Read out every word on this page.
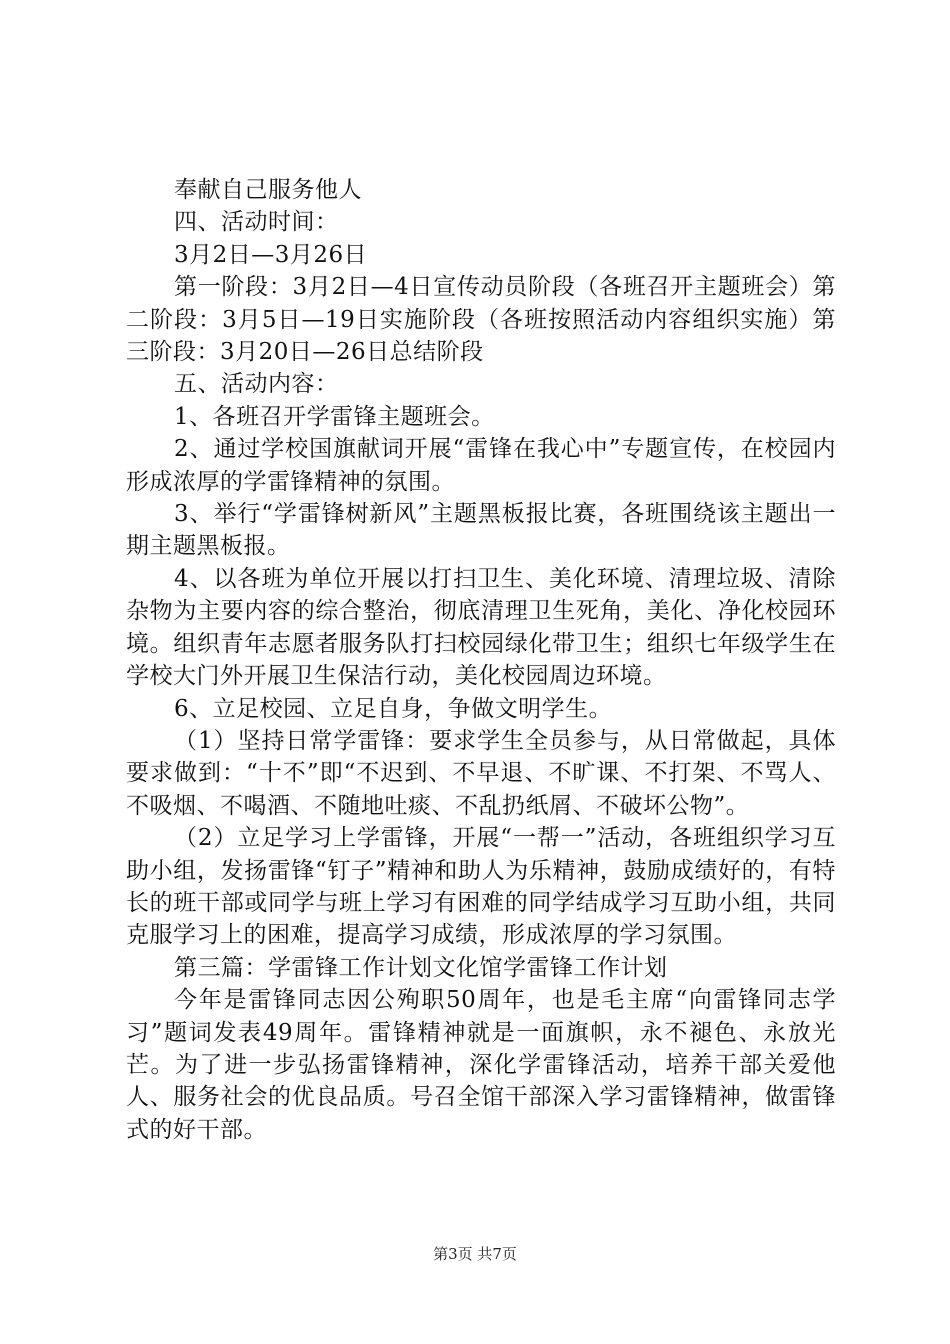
奉献自己服务他人

四、活动时间：

3月2日—3月26日

第一阶段：3月2日—4日宣传动员阶段（各班召开主题班会）第二阶段：3月5日—19日实施阶段（各班按照活动内容组织实施）第三阶段：3月20日—26日总结阶段

五、活动内容：

1、各班召开学雷锋主题班会。

2、通过学校国旗献词开展“雷锋在我心中”专题宣传，在校园内形成浓厚的学雷锋精神的氛围。

3、举行“学雷锋树新风”主题黑板报比赛，各班围绕该主题出一期主题黑板报。

4、以各班为单位开展以打扫卫生、美化环境、清理垃圾、清除杂物为主要内容的综合整治，彻底清理卫生死角，美化、净化校园环境。组织青年志愿者服务队打扫校园绿化带卫生；组织七年级学生在学校大门外开展卫生保洁行动，美化校园周边环境。

6、立足校园、立足自身，争做文明学生。

（1）坚持日常学雷锋：要求学生全员参与，从日常做起，具体要求做到：“十不”即“不迟到、不早退、不旷课、不打架、不骂人、不吸烟、不喝酒、不随地吐痰、不乱扔纸屑、不破坏公物”。

（2）立足学习上学雷锋，开展“一帮一”活动，各班组织学习互助小组，发扬雷锋“钉子”精神和助人为乐精神，鼓励成绩好的，有特长的班干部或同学与班上学习有困难的同学结成学习互助小组，共同克服学习上的困难，提高学习成绩，形成浓厚的学习氛围。

第三篇：学雷锋工作计划文化馆学雷锋工作计划

今年是雷锋同志因公殉职50周年，也是毛主席“向雷锋同志学习”题词发表49周年。雷锋精神就是一面旗帜，永不褪色、永放光芒。为了进一步弘扬雷锋精神，深化学雷锋活动，培养干部关爱他人、服务社会的优良品质。号召全馆干部深入学习雷锋精神，做雷锋式的好干部。

第3页 共7页
